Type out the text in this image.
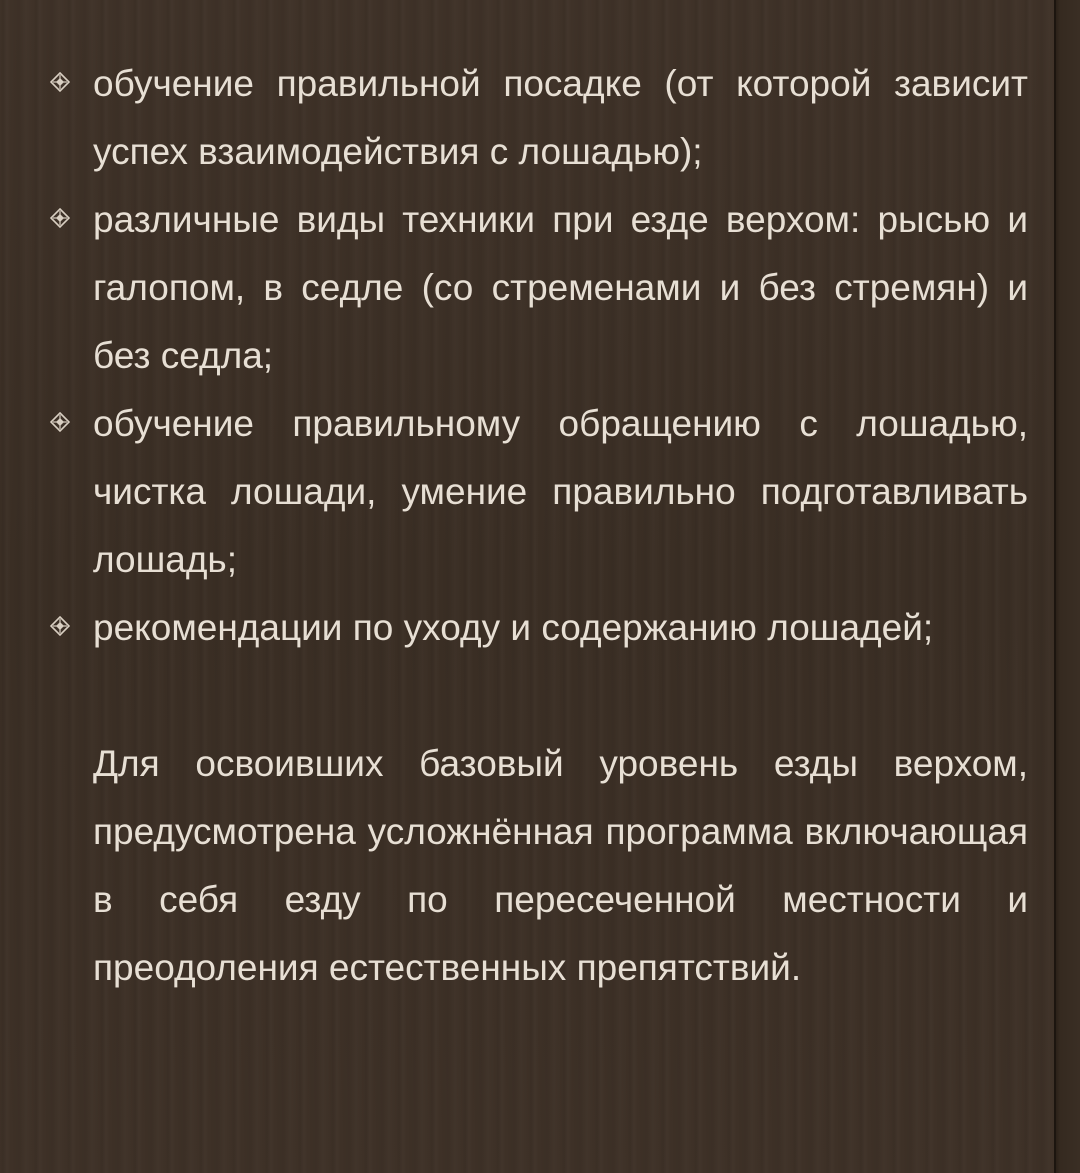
обучение правильной посадке (от которой зависит успех взаимодействия с лошадью);
различные виды техники при езде верхом: рысью и галопом, в седле (со стременами и без стремян) и без седла;
обучение правильному обращению с лошадью, чистка лошади, умение правильно подготавливать лошадь;
рекомендации по уходу и содержанию лошадей;

Для освоивших базовый уровень езды верхом, предусмотрена усложнённая программа включающая в себя езду по пересеченной местности и преодоления естественных препятствий.
